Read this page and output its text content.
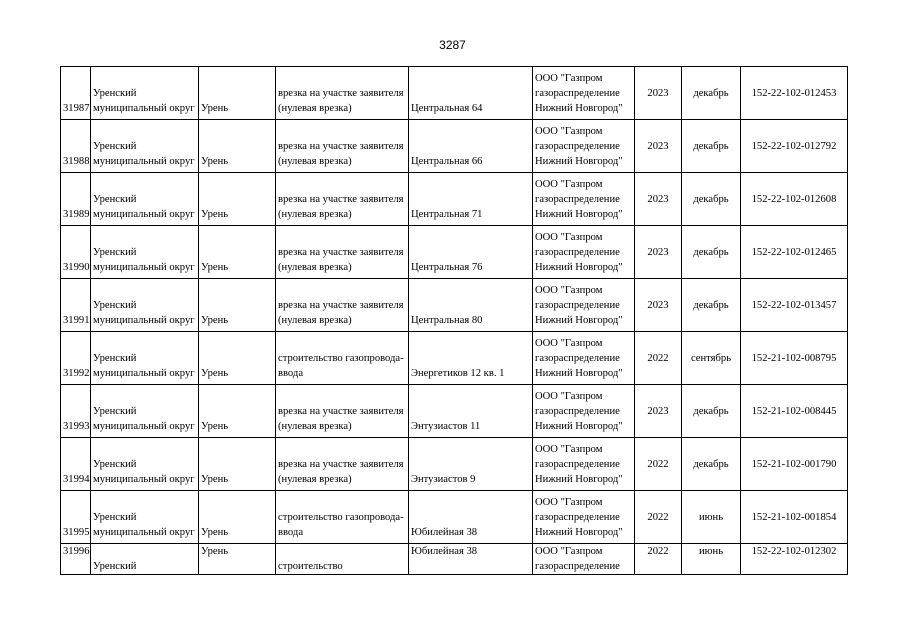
3287
31987	Уренский
муниципальный округ	Урень	врезка на участке заявителя
(нулевая врезка)	Центральная 64	ООО "Газпром
газораспределение
Нижний Новгород"	2023	декабрь	152-22-102-012453

31988	Уренский
муниципальный округ	Урень	врезка на участке заявителя
(нулевая врезка)	Центральная 66	ООО "Газпром
газораспределение
Нижний Новгород"	2023	декабрь	152-22-102-012792

31989	Уренский
муниципальный округ	Урень	врезка на участке заявителя
(нулевая врезка)	Центральная 71	ООО "Газпром
газораспределение
Нижний Новгород"	2023	декабрь	152-22-102-012608

31990	Уренский
муниципальный округ	Урень	врезка на участке заявителя
(нулевая врезка)	Центральная 76	ООО "Газпром
газораспределение
Нижний Новгород"	2023	декабрь	152-22-102-012465

31991	Уренский
муниципальный округ	Урень	врезка на участке заявителя
(нулевая врезка)	Центральная 80	ООО "Газпром
газораспределение
Нижний Новгород"	2023	декабрь	152-22-102-013457

31992	Уренский
муниципальный округ	Урень	строительство газопровода-
ввода	Энергетиков 12 кв. 1	ООО "Газпром
газораспределение
Нижний Новгород"	2022	сентябрь	152-21-102-008795

31993	Уренский
муниципальный округ	Урень	врезка на участке заявителя
(нулевая врезка)	Энтузиастов 11	ООО "Газпром
газораспределение
Нижний Новгород"	2023	декабрь	152-21-102-008445

31994	Уренский
муниципальный округ	Урень	врезка на участке заявителя
(нулевая врезка)	Энтузиастов 9	ООО "Газпром
газораспределение
Нижний Новгород"	2022	декабрь	152-21-102-001790

31995	Уренский
муниципальный округ	Урень	строительство газопровода-
ввода	Юбилейная 38	ООО "Газпром
газораспределение
Нижний Новгород"	2022	июнь	152-21-102-001854

31996	Уренский	Урень	строительство	Юбилейная 38	ООО "Газпром
газораспределение	2022	июнь	152-22-102-012302
